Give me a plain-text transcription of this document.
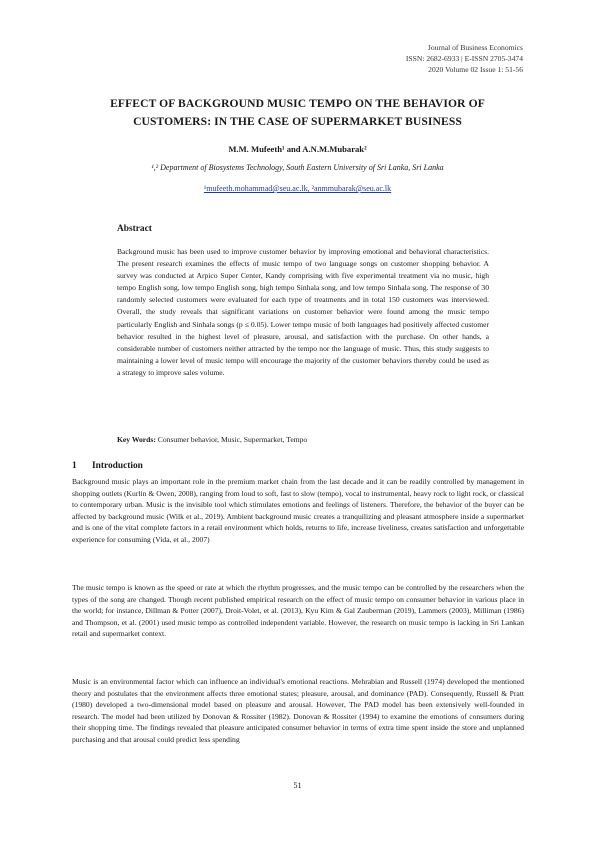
Journal of Business Economics
ISSN: 2682-6933 | E-ISSN 2705-3474
2020 Volume 02 Issue 1: 51-56
EFFECT OF BACKGROUND MUSIC TEMPO ON THE BEHAVIOR OF CUSTOMERS: IN THE CASE OF SUPERMARKET BUSINESS
M.M. Mufeeth¹ and A.N.M.Mubarak²
¹,² Department of Biosystems Technology, South Eastern University of Sri Lanka, Sri Lanka
¹mufeeth.mohammad@seu.ac.lk, ²anmmubarak@seu.ac.lk
Abstract
Background music has been used to improve customer behavior by improving emotional and behavioral characteristics. The present research examines the effects of music tempo of two language songs on customer shopping behavior. A survey was conducted at Arpico Super Center, Kandy comprising with five experimental treatment via no music, high tempo English song, low tempo English song, high tempo Sinhala song, and low tempo Sinhala song. The response of 30 randomly selected customers were evaluated for each type of treatments and in total 150 customers was interviewed. Overall, the study reveals that significant variations on customer behavior were found among the music tempo particularly English and Sinhala songs (p ≤ 0.05). Lower tempo music of both languages had positively affected customer behavior resulted in the highest level of pleasure, arousal, and satisfaction with the purchase. On other hands, a considerable number of customers neither attracted by the tempo nor the language of music. Thus, this study suggests to maintaining a lower level of music tempo will encourage the majority of the customer behaviors thereby could be used as a strategy to improve sales volume.
Key Words: Consumer behavior, Music, Supermarket, Tempo
1 Introduction
Background music plays an important role in the premium market chain from the last decade and it can be readily controlled by management in shopping outlets (Kurlin & Owen, 2008), ranging from loud to soft, fast to slow (tempo), vocal to instrumental, heavy rock to light rock, or classical to contemporary urban. Music is the invisible tool which stimulates emotions and feelings of listeners. Therefore, the behavior of the buyer can be affected by background music (Wilk et al., 2019). Ambient background music creates a tranquilizing and pleasant atmosphere inside a supermarket and is one of the vital complete factors in a retail environment which holds, returns to life, increase liveliness, creates satisfaction and unforgettable experience for consuming (Vida, et al., 2007)
The music tempo is known as the speed or rate at which the rhythm progresses, and the music tempo can be controlled by the researchers when the types of the song are changed. Though recent published empirical research on the effect of music tempo on consumer behavior in various place in the world; for instance, Dillman & Potter (2007), Droit-Volet, et al. (2013), Kyu Kim & Gal Zauberman (2019), Lammers (2003), Milliman (1986) and Thompson, et al. (2001) used music tempo as controlled independent variable. However, the research on music tempo is lacking in Sri Lankan retail and supermarket context.
Music is an environmental factor which can influence an individual's emotional reactions. Mehrabian and Russell (1974) developed the mentioned theory and postulates that the environment affects three emotional states; pleasure, arousal, and dominance (PAD). Consequently, Russell & Pratt (1980) developed a two-dimensional model based on pleasure and arousal. However, The PAD model has been extensively well-founded in research. The model had been utilized by Donovan & Rossiter (1982). Donovan & Rossiter (1994) to examine the emotions of consumers during their shopping time. The findings revealed that pleasure anticipated consumer behavior in terms of extra time spent inside the store and unplanned purchasing and that arousal could predict less spending
51
